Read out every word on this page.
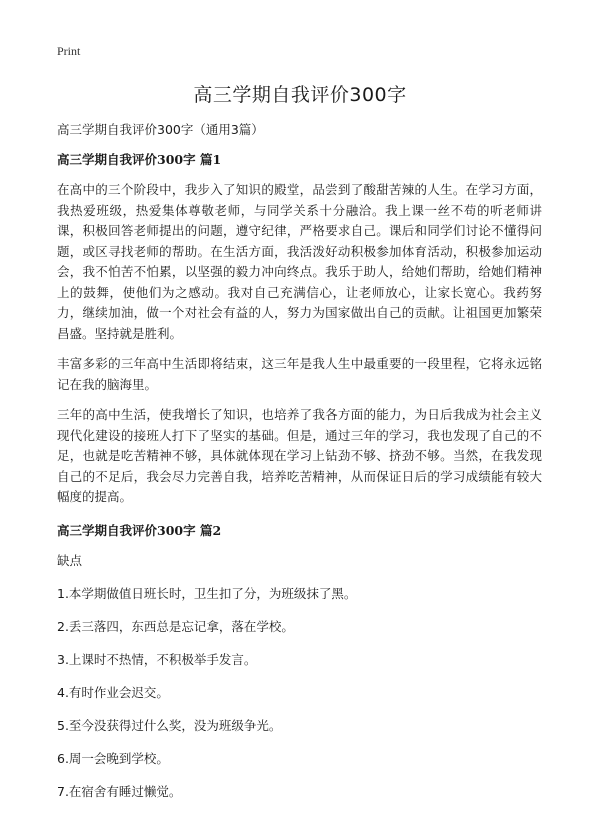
Print
高三学期自我评价300字
高三学期自我评价300字（通用3篇）
高三学期自我评价300字 篇1

在高中的三个阶段中，我步入了知识的殿堂，品尝到了酸甜苦辣的人生。在学习方面，我热爱班级，热爱集体尊敬老师，与同学关系十分融洽。我上课一丝不苟的听老师讲课，积极回答老师提出的问题，遵守纪律，严格要求自己。课后和同学们讨论不懂得问题，或区寻找老师的帮助。在生活方面，我活泼好动积极参加体育活动，积极参加运动会，我不怕苦不怕累，以坚强的毅力冲向终点。我乐于助人，给她们帮助，给她们精神上的鼓舞，使他们为之感动。我对自己充满信心，让老师放心，让家长宽心。我药努力，继续加油，做一个对社会有益的人，努力为国家做出自己的贡献。让祖国更加繁荣昌盛。坚持就是胜利。

丰富多彩的三年高中生活即将结束，这三年是我人生中最重要的一段里程，它将永远铭记在我的脑海里。

三年的高中生活，使我增长了知识，也培养了我各方面的能力，为日后我成为社会主义现代化建设的接班人打下了坚实的基础。但是，通过三年的学习，我也发现了自己的不足，也就是吃苦精神不够，具体就体现在学习上钻劲不够、挤劲不够。当然，在我发现自己的不足后，我会尽力完善自我，培养吃苦精神，从而保证日后的学习成绩能有较大幅度的提高。

高三学期自我评价300字 篇2
缺点
1.本学期做值日班长时，卫生扣了分，为班级抹了黑。
2.丢三落四，东西总是忘记拿，落在学校。
3.上课时不热情，不积极举手发言。
4.有时作业会迟交。
5.至今没获得过什么奖，没为班级争光。
6.周一会晚到学校。
7.在宿舍有睡过懒觉。
